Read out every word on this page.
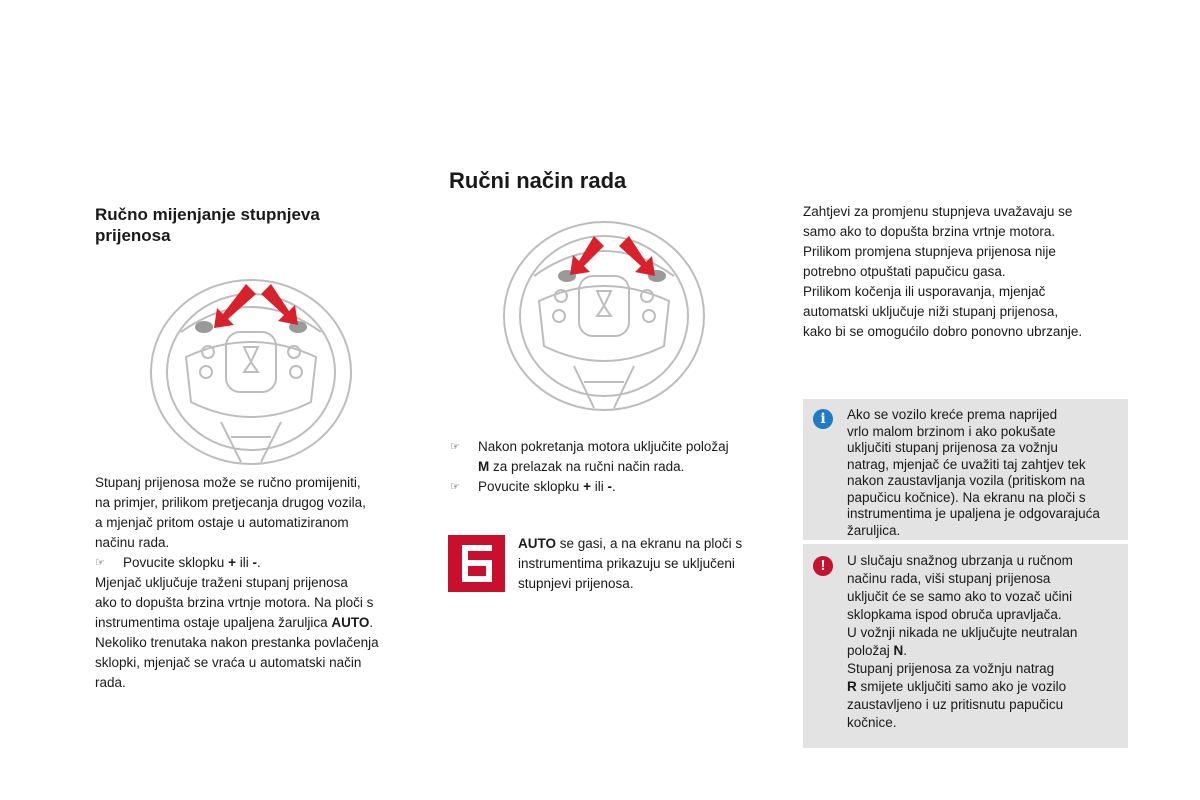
Ručno mijenjanje stupnjeva prijenosa
Stupanj prijenosa može se ručno promijeniti,
na primjer, prilikom pretjecanja drugog vozila,
a mjenjač pritom ostaje u automatiziranom
načinu rada.
☞ Povucite sklopku + ili -.
Mjenjač uključuje traženi stupanj prijenosa
ako to dopušta brzina vrtnje motora. Na ploči s
instrumentima ostaje upaljena žaruljica AUTO.
Nekoliko trenutaka nakon prestanka povlačenja
sklopki, mjenjač se vraća u automatski način
rada.
Ručni način rada
☞ Nakon pokretanja motora uključite položaj
M za prelazak na ručni način rada.
☞ Povucite sklopku + ili -.
AUTO se gasi, a na ekranu na ploči s
instrumentima prikazuju se uključeni
stupnjevi prijenosa.
Zahtjevi za promjenu stupnjeva uvažavaju se
samo ako to dopušta brzina vrtnje motora.
Prilikom promjena stupnjeva prijenosa nije
potrebno otpuštati papučicu gasa.
Prilikom kočenja ili usporavanja, mjenjač
automatski uključuje niži stupanj prijenosa,
kako bi se omogućilo dobro ponovno ubrzanje.
i	Ako se vozilo kreće prema naprijed
vrlo malom brzinom i ako pokušate
uključiti stupanj prijenosa za vožnju
natrag, mjenjač će uvažiti taj zahtjev tek
nakon zaustavljanja vozila (pritiskom na
papučicu kočnice). Na ekranu na ploči s
instrumentima je upaljena je odgovarajuća
žaruljica.
!	U slučaju snažnog ubrzanja u ručnom
načinu rada, viši stupanj prijenosa
uključit će se samo ako to vozač učini
sklopkama ispod obruča upravljača.
U vožnji nikada ne uključujte neutralan
položaj N.
Stupanj prijenosa za vožnju natrag
R smijete uključiti samo ako je vozilo
zaustavljeno i uz pritisnutu papučicu
kočnice.
